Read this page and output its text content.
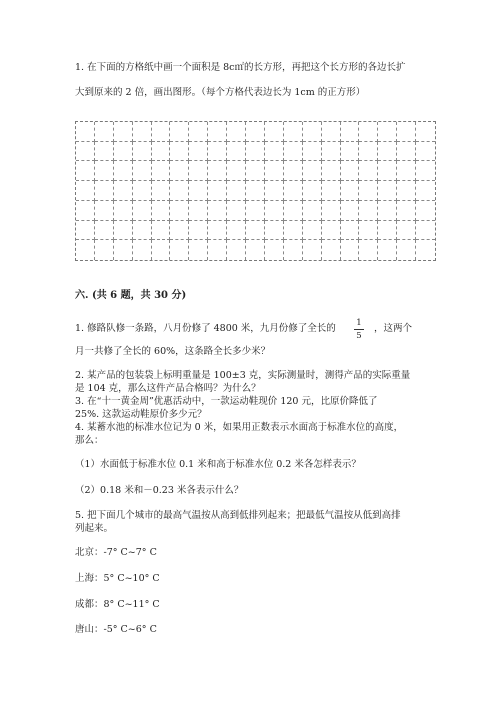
1. 在下面的方格纸中画一个面积是 8c㎡的长方形，再把这个长方形的各边长扩
大到原来的 2 倍，画出图形。（每个方格代表边长为 1cm 的正方形）
六. (共 6 题，共 30 分)
1. 修路队修一条路，八月份修了 4800 米，九月份修了全长的 1
5
，这两个
月一共修了全长的 60%，这条路全长多少米？
2. 某产品的包装袋上标明重量是 100±3 克，实际测量时，测得产品的实际重量
是 104 克，那么这件产品合格吗？为什么？
3. 在“十一黄金周”优惠活动中，一款运动鞋现价 120 元，比原价降低了
25%. 这款运动鞋原价多少元？
4. 某蓄水池的标准水位记为 0 米，如果用正数表示水面高于标准水位的高度，
那么：
（1）水面低于标准水位 0.1 米和高于标准水位 0.2 米各怎样表示？
（2）0.18 米和－0.23 米各表示什么？
5. 把下面几个城市的最高气温按从高到低排列起来；把最低气温按从低到高排
列起来。
北京：-7° C~7° C
上海：5° C~10° C
成都：8° C~11° C
唐山：-5° C~6° C
